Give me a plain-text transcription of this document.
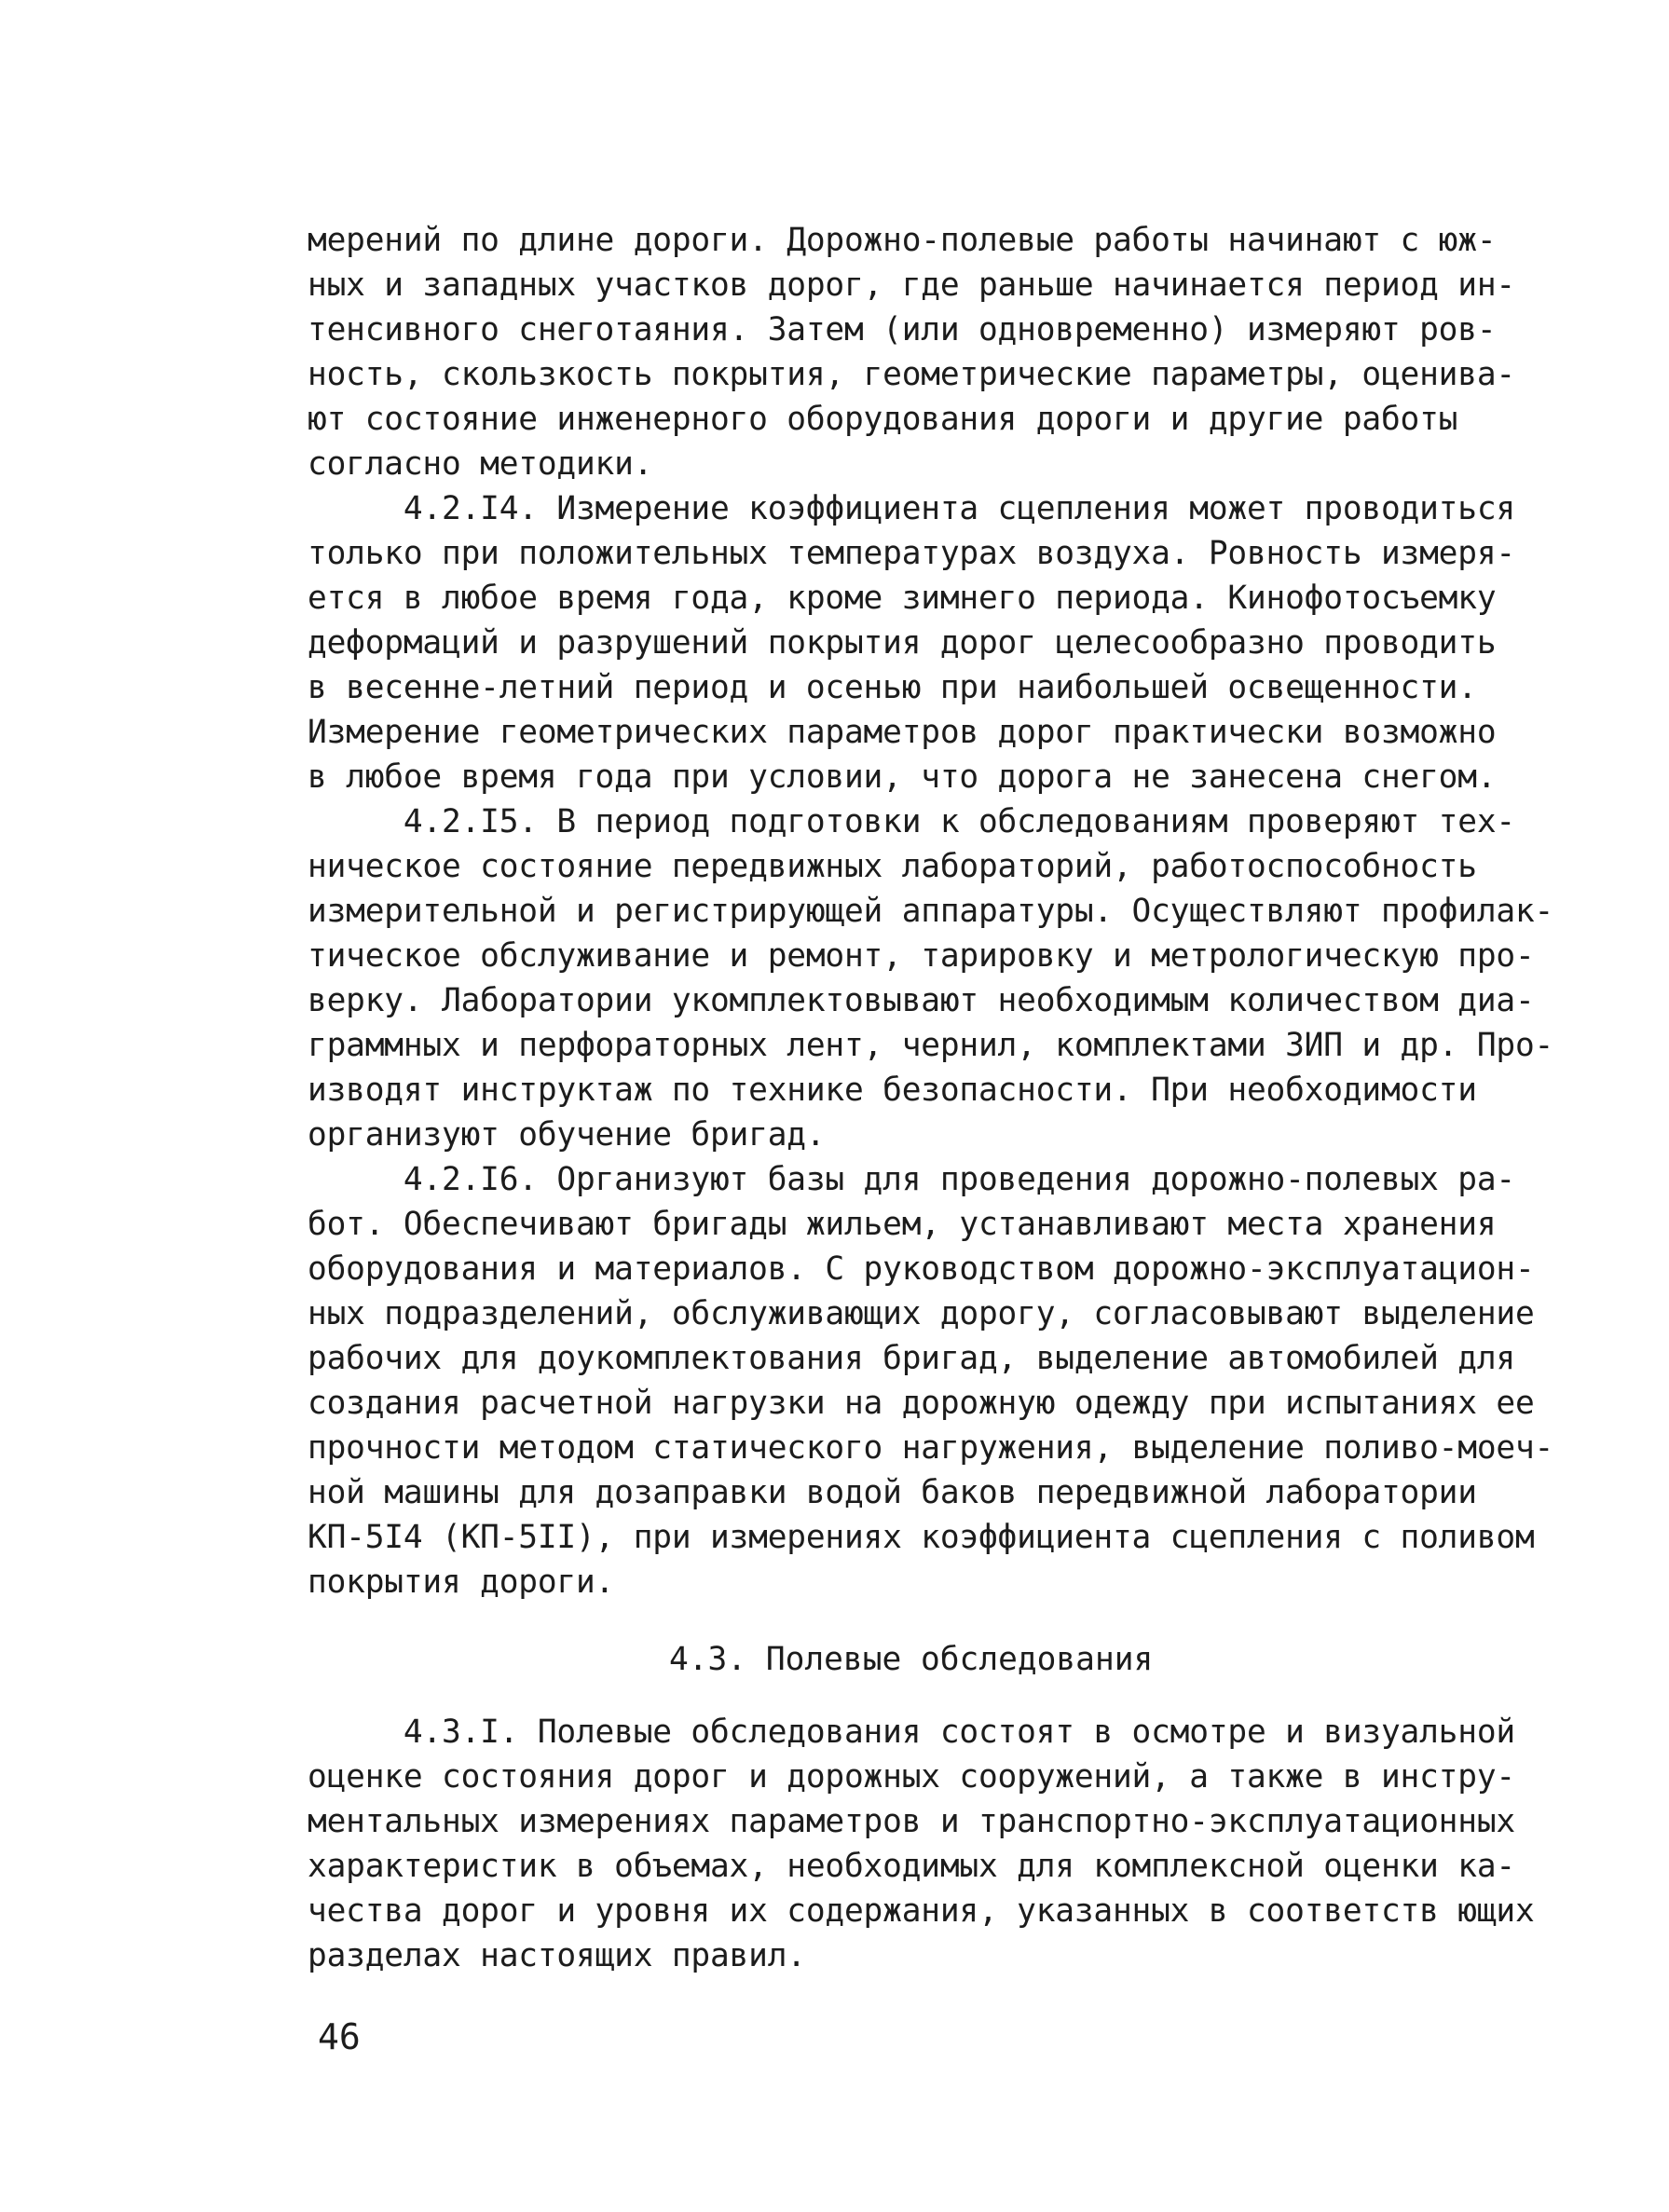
мерений по длине дороги. Дорожно-полевые работы начинают с юж-
ных и западных участков дорог, где раньше начинается период ин-
тенсивного снеготаяния. Затем (или одновременно) измеряют ров-
ность, скользкость покрытия, геометрические параметры, оценива-
ют состояние инженерного оборудования дороги и другие работы
согласно методики.
4.2.I4. Измерение коэффициента сцепления может проводиться
только при положительных температурах воздуха. Ровность измеря-
ется в любое время года, кроме зимнего периода. Кинофотосъемку
деформаций и разрушений покрытия дорог целесообразно проводить
в весенне-летний период и осенью при наибольшей освещенности.
Измерение геометрических параметров дорог практически возможно
в любое время года при условии, что дорога не занесена снегом.
4.2.I5. В период подготовки к обследованиям проверяют тех-
ническое состояние передвижных лабораторий, работоспособность
измерительной и регистрирующей аппаратуры. Осуществляют профилак-
тическое обслуживание и ремонт, тарировку и метрологическую про-
верку. Лаборатории укомплектовывают необходимым количеством диа-
граммных и перфораторных лент, чернил, комплектами ЗИП и др. Про-
изводят инструктаж по технике безопасности. При необходимости
организуют обучение бригад.
4.2.I6. Организуют базы для проведения дорожно-полевых ра-
бот. Обеспечивают бригады жильем, устанавливают места хранения
оборудования и материалов. С руководством дорожно-эксплуатацион-
ных подразделений, обслуживающих дорогу, согласовывают выделение
рабочих для доукомплектования бригад, выделение автомобилей для
создания расчетной нагрузки на дорожную одежду при испытаниях ее
прочности методом статического нагружения, выделение поливо-моеч-
ной машины для дозаправки водой баков передвижной лаборатории
КП-5I4 (КП-5II), при измерениях коэффициента сцепления с поливом
покрытия дороги.
4.3. Полевые обследования
4.3.I. Полевые обследования состоят в осмотре и визуальной
оценке состояния дорог и дорожных сооружений, а также в инстру-
ментальных измерениях параметров и транспортно-эксплуатационных
характеристик в объемах, необходимых для комплексной оценки ка-
чества дорог и уровня их содержания, указанных в соответств ющих
разделах настоящих правил.
46
